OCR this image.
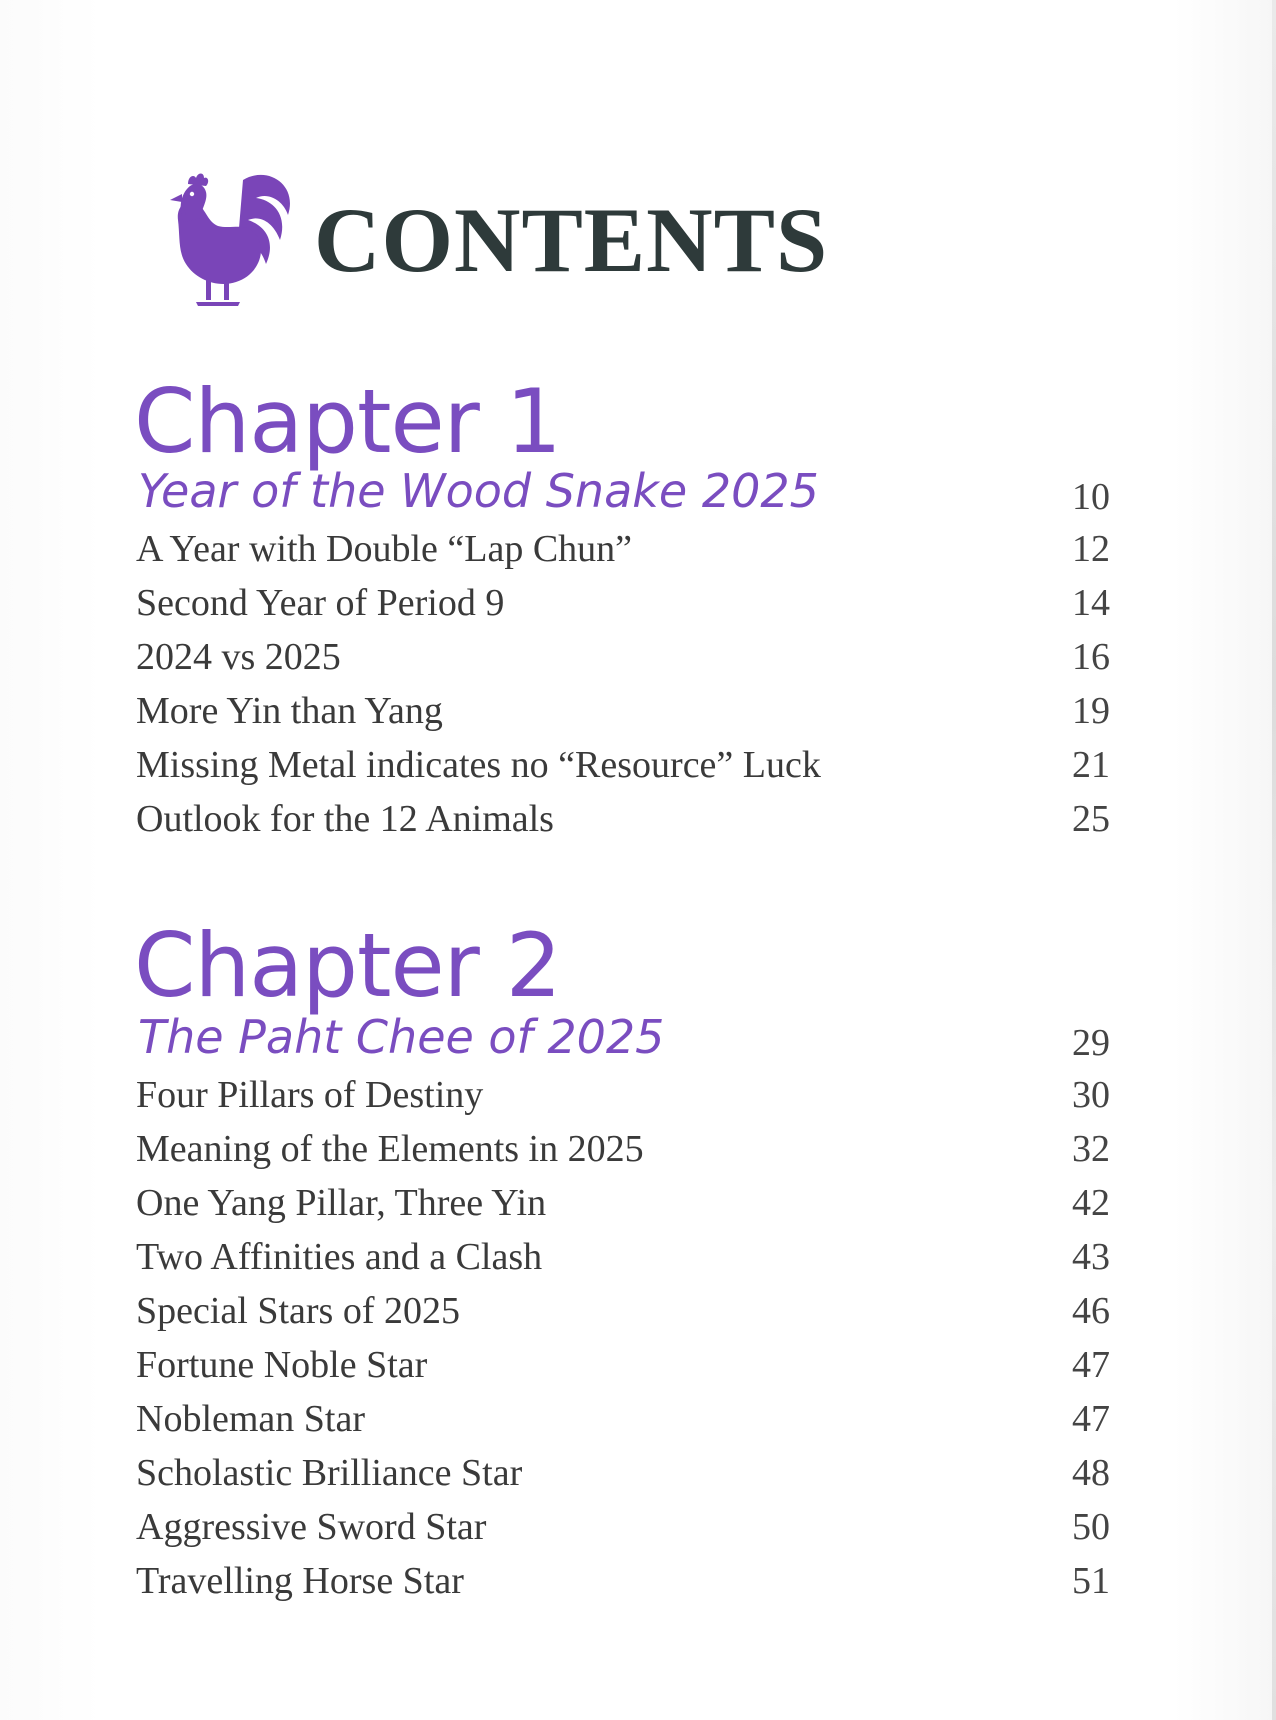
CONTENTS
Chapter 1
Year of the Wood Snake 2025	10
A Year with Double “Lap Chun”	12
Second Year of Period 9	14
2024 vs 2025	16
More Yin than Yang	19
Missing Metal indicates no “Resource” Luck	21
Outlook for the 12 Animals	25
Chapter 2
The Paht Chee of 2025	29
Four Pillars of Destiny	30
Meaning of the Elements in 2025	32
One Yang Pillar, Three Yin	42
Two Affinities and a Clash	43
Special Stars of 2025	46
Fortune Noble Star	47
Nobleman Star	47
Scholastic Brilliance Star	48
Aggressive Sword Star	50
Travelling Horse Star	51
